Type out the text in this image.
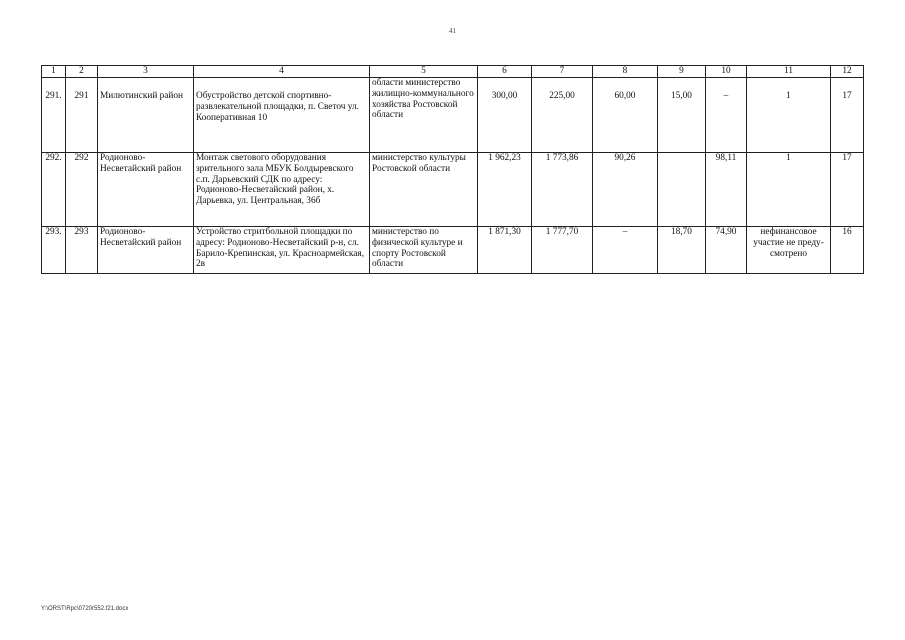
41
1	2	3	4	5	6	7	8	9	10	11	12
291.	291	Милютинский район	Обустройство детской спортивно-развлекательной площадки, п. Светоч ул. Кооперативная 10	области министерство жилищно-коммунального хозяйства Ростовской области	300,00	225,00	60,00	15,00	–	1	17
292.	292	Родионово-Несветайский район	Монтаж светового оборудования зрительного зала МБУК Болдыревского с.п. Дарьевский СДК по адресу: Родионово-Несветайский район, х. Дарьевка, ул. Центральная, 36б	министерство культуры Ростовской области	1 962,23	1 773,86	90,26		98,11	1	17
293.	293	Родионово-Несветайский район	Устройство стритбольной площадки по адресу: Родионово-Несветайский р-н, сл. Барило-Крепинская, ул. Красноармейская, 2в	министерство по физической культуре и спорту Ростовской области	1 871,30	1 777,70	–	18,70	74,90	нефинансовое участие не преду-смотрено	16
Y:\ORST\Rpc\0720r552.f21.docx
